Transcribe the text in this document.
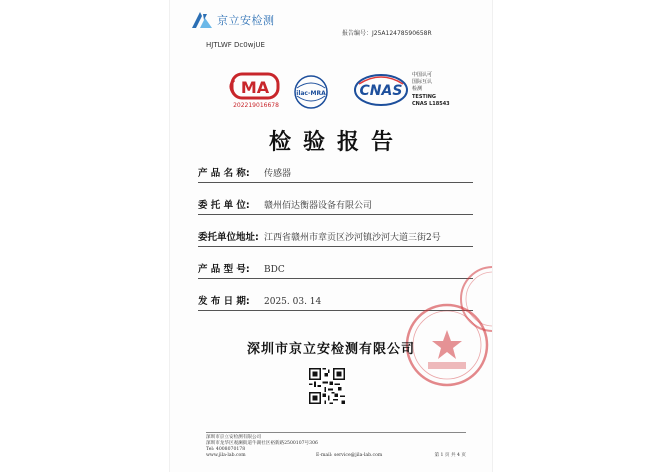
京立安检测
报告编号：J25A12478590658R
HJTLWF Dc0wjUE
MA
202219016678
ilac-MRA CNAS
中国认可
国际互认
检测
TESTING
CNAS L18543
检验报告
产 品 名 称: 传感器
委 托 单 位: 赣州佰达衡器设备有限公司
委托单位地址: 江西省赣州市章贡区沙河镇沙河大道三街2号
产 品 型 号: BDC
发 布 日 期: 2025. 03. 14
深圳市京立安检测有限公司
深圳市京立安检测有限公司
深圳市龙华区观澜街道牛湖社区裕新路2500107号306
Tel: 4008070178
www.jila-lab.com	E-mail: service@jila-lab.com	第 1 页 共 4 页
